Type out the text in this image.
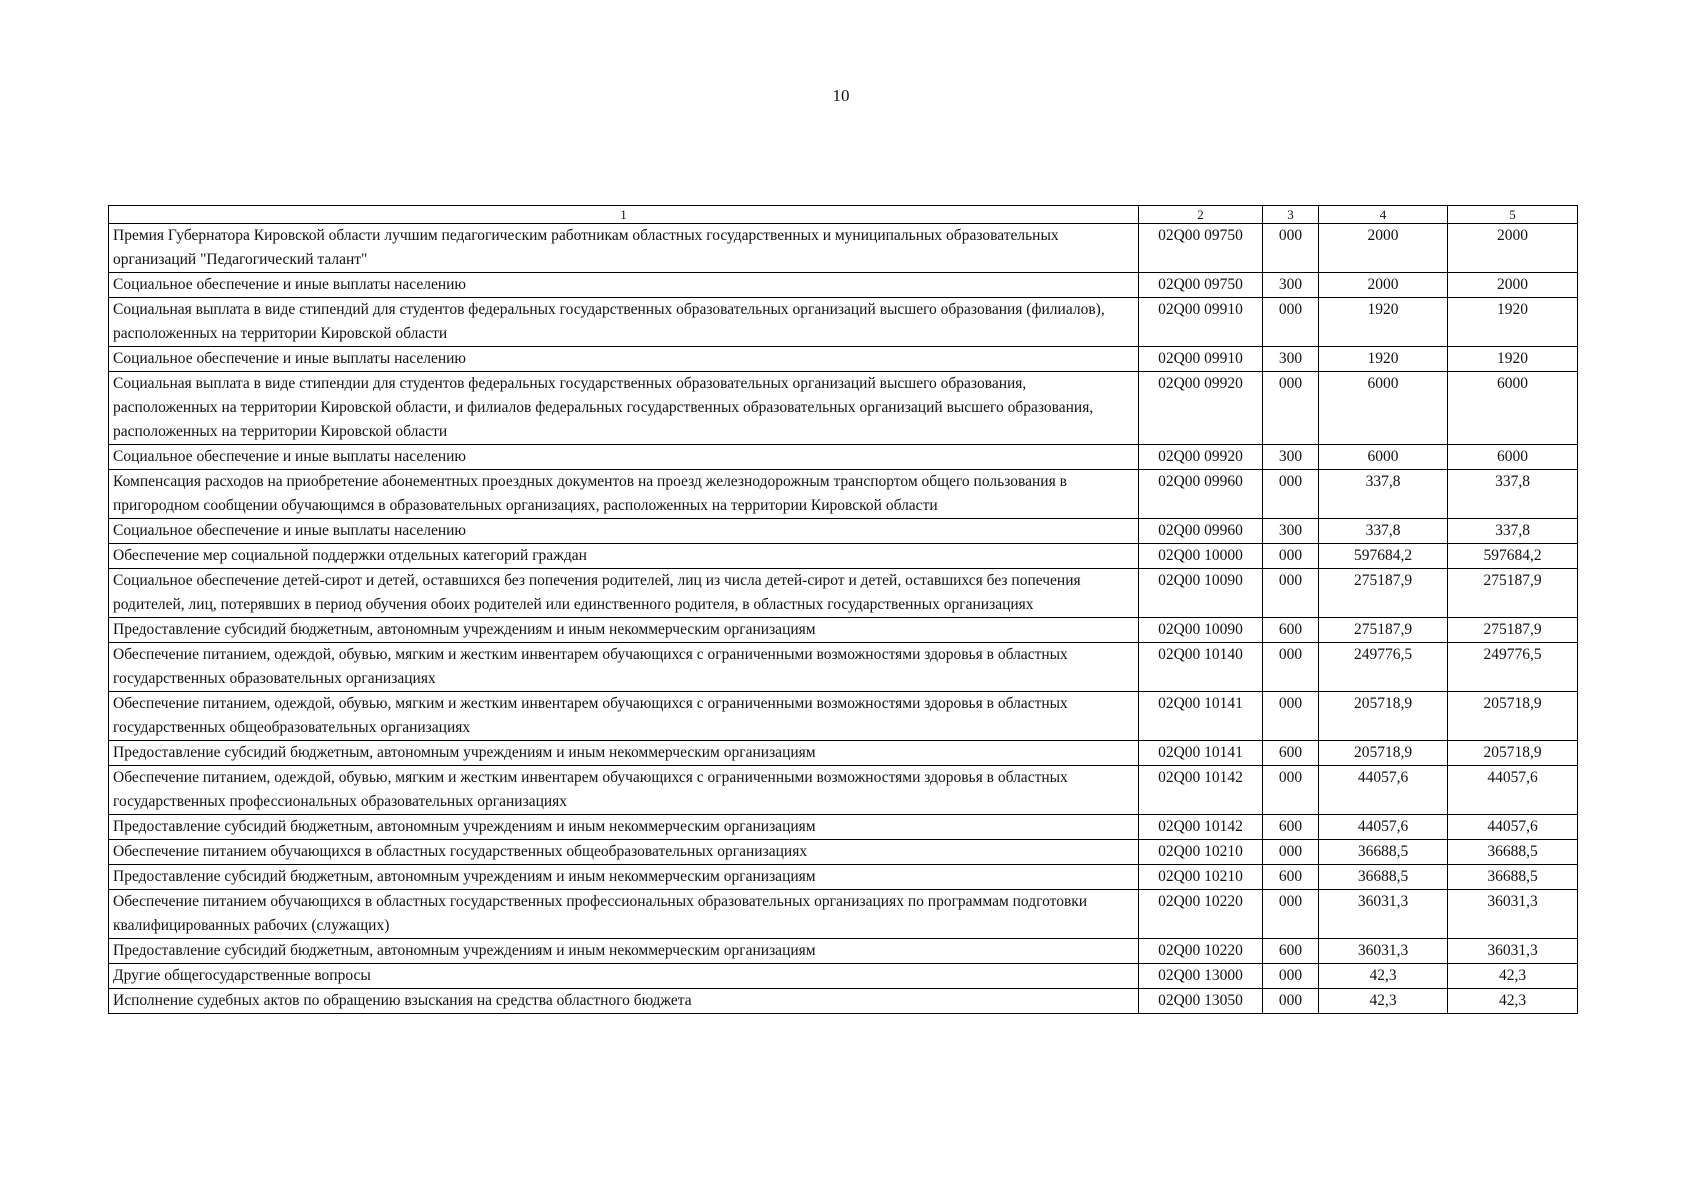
10
1	2	3	4	5
Премия Губернатора Кировской области лучшим педагогическим работникам областных государственных и муниципальных образовательных организаций "Педагогический талант"	02Q00 09750	000	2000	2000
Социальное обеспечение и иные выплаты населению	02Q00 09750	300	2000	2000
Социальная выплата в виде стипендий для студентов федеральных государственных образовательных организаций высшего образования (филиалов), расположенных на территории Кировской области	02Q00 09910	000	1920	1920
Социальное обеспечение и иные выплаты населению	02Q00 09910	300	1920	1920
Социальная выплата в виде стипендии для студентов федеральных государственных образовательных организаций высшего образования, расположенных на территории Кировской области, и филиалов федеральных государственных образовательных организаций высшего образования, расположенных на территории Кировской области	02Q00 09920	000	6000	6000
Социальное обеспечение и иные выплаты населению	02Q00 09920	300	6000	6000
Компенсация расходов на приобретение абонементных проездных документов на проезд железнодорожным транспортом общего пользования в пригородном сообщении обучающимся в образовательных организациях, расположенных на территории Кировской области	02Q00 09960	000	337,8	337,8
Социальное обеспечение и иные выплаты населению	02Q00 09960	300	337,8	337,8
Обеспечение мер социальной поддержки отдельных категорий граждан	02Q00 10000	000	597684,2	597684,2
Социальное обеспечение детей-сирот и детей, оставшихся без попечения родителей, лиц из числа детей-сирот и детей, оставшихся без попечения родителей, лиц, потерявших в период обучения обоих родителей или единственного родителя, в областных государственных организациях	02Q00 10090	000	275187,9	275187,9
Предоставление субсидий бюджетным, автономным учреждениям и иным некоммерческим организациям	02Q00 10090	600	275187,9	275187,9
Обеспечение питанием, одеждой, обувью, мягким и жестким инвентарем обучающихся с ограниченными возможностями здоровья в областных государственных образовательных организациях	02Q00 10140	000	249776,5	249776,5
Обеспечение питанием, одеждой, обувью, мягким и жестким инвентарем обучающихся с ограниченными возможностями здоровья в областных государственных общеобразовательных организациях	02Q00 10141	000	205718,9	205718,9
Предоставление субсидий бюджетным, автономным учреждениям и иным некоммерческим организациям	02Q00 10141	600	205718,9	205718,9
Обеспечение питанием, одеждой, обувью, мягким и жестким инвентарем обучающихся с ограниченными возможностями здоровья в областных государственных профессиональных образовательных организациях	02Q00 10142	000	44057,6	44057,6
Предоставление субсидий бюджетным, автономным учреждениям и иным некоммерческим организациям	02Q00 10142	600	44057,6	44057,6
Обеспечение питанием обучающихся в областных государственных общеобразовательных организациях	02Q00 10210	000	36688,5	36688,5
Предоставление субсидий бюджетным, автономным учреждениям и иным некоммерческим организациям	02Q00 10210	600	36688,5	36688,5
Обеспечение питанием обучающихся в областных государственных профессиональных образовательных организациях по программам подготовки квалифицированных рабочих (служащих)	02Q00 10220	000	36031,3	36031,3
Предоставление субсидий бюджетным, автономным учреждениям и иным некоммерческим организациям	02Q00 10220	600	36031,3	36031,3
Другие общегосударственные вопросы	02Q00 13000	000	42,3	42,3
Исполнение судебных актов по обращению взыскания на средства областного бюджета	02Q00 13050	000	42,3	42,3
